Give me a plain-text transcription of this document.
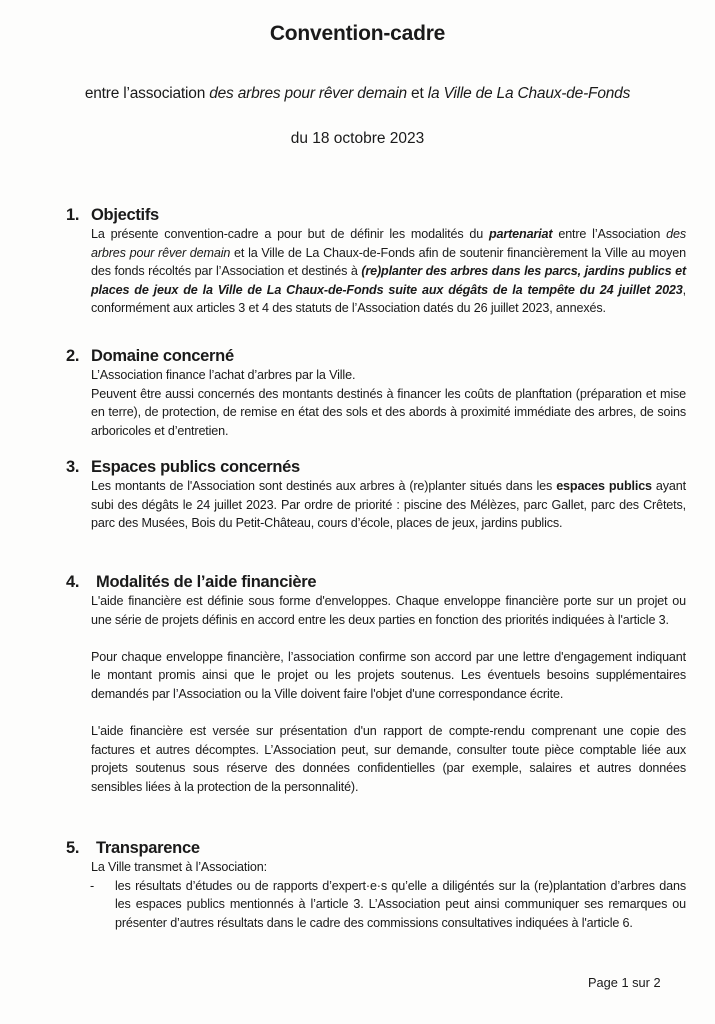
Convention-cadre
entre l’association des arbres pour rêver demain et la Ville de La Chaux-de-Fonds
du 18 octobre 2023
1. Objectifs

La présente convention-cadre a pour but de définir les modalités du partenariat entre l’Association des arbres pour rêver demain et la Ville de La Chaux-de-Fonds afin de soutenir financièrement la Ville au moyen des fonds récoltés par l’Association et destinés à (re)planter des arbres dans les parcs, jardins publics et places de jeux de la Ville de La Chaux-de-Fonds suite aux dégâts de la tempête du 24 juillet 2023, conformément aux articles 3 et 4 des statuts de l’Association datés du 26 juillet 2023, annexés.

2. Domaine concerné

L’Association finance l’achat d’arbres par la Ville.

Peuvent être aussi concernés des montants destinés à financer les coûts de planftation (préparation et mise en terre), de protection, de remise en état des sols et des abords à proximité immédiate des arbres, de soins arboricoles et d’entretien.

3. Espaces publics concernés

Les montants de l'Association sont destinés aux arbres à (re)planter situés dans les espaces publics ayant subi des dégâts le 24 juillet 2023. Par ordre de priorité : piscine des Mélèzes, parc Gallet, parc des Crêtets, parc des Musées, Bois du Petit-Château, cours d’école, places de jeux, jardins publics.

4.	Modalités de l’aide financière

L'aide financière est définie sous forme d'enveloppes. Chaque enveloppe financière porte sur un projet ou une série de projets définis en accord entre les deux parties en fonction des priorités indiquées à l'article 3.

Pour chaque enveloppe financière, l’association confirme son accord par une lettre d'engagement indiquant le montant promis ainsi que le projet ou les projets soutenus. Les éventuels besoins supplémentaires demandés par l’Association ou la Ville doivent faire l'objet d'une correspondance écrite.

L'aide financière est versée sur présentation d'un rapport de compte-rendu comprenant une copie des factures et autres décomptes. L’Association peut, sur demande, consulter toute pièce comptable liée aux projets soutenus sous réserve des données confidentielles (par exemple, salaires et autres données sensibles liées à la protection de la personnalité).

5.	Transparence

La Ville transmet à l’Association:

-	les résultats d’études ou de rapports d’expert·e·s qu’elle a diligéntés sur la (re)plantation d’arbres dans les espaces publics mentionnés à l’article 3. L’Association peut ainsi communiquer ses remarques ou présenter d’autres résultats dans le cadre des commissions consultatives indiquées à l'article 6.
Page 1 sur 2
